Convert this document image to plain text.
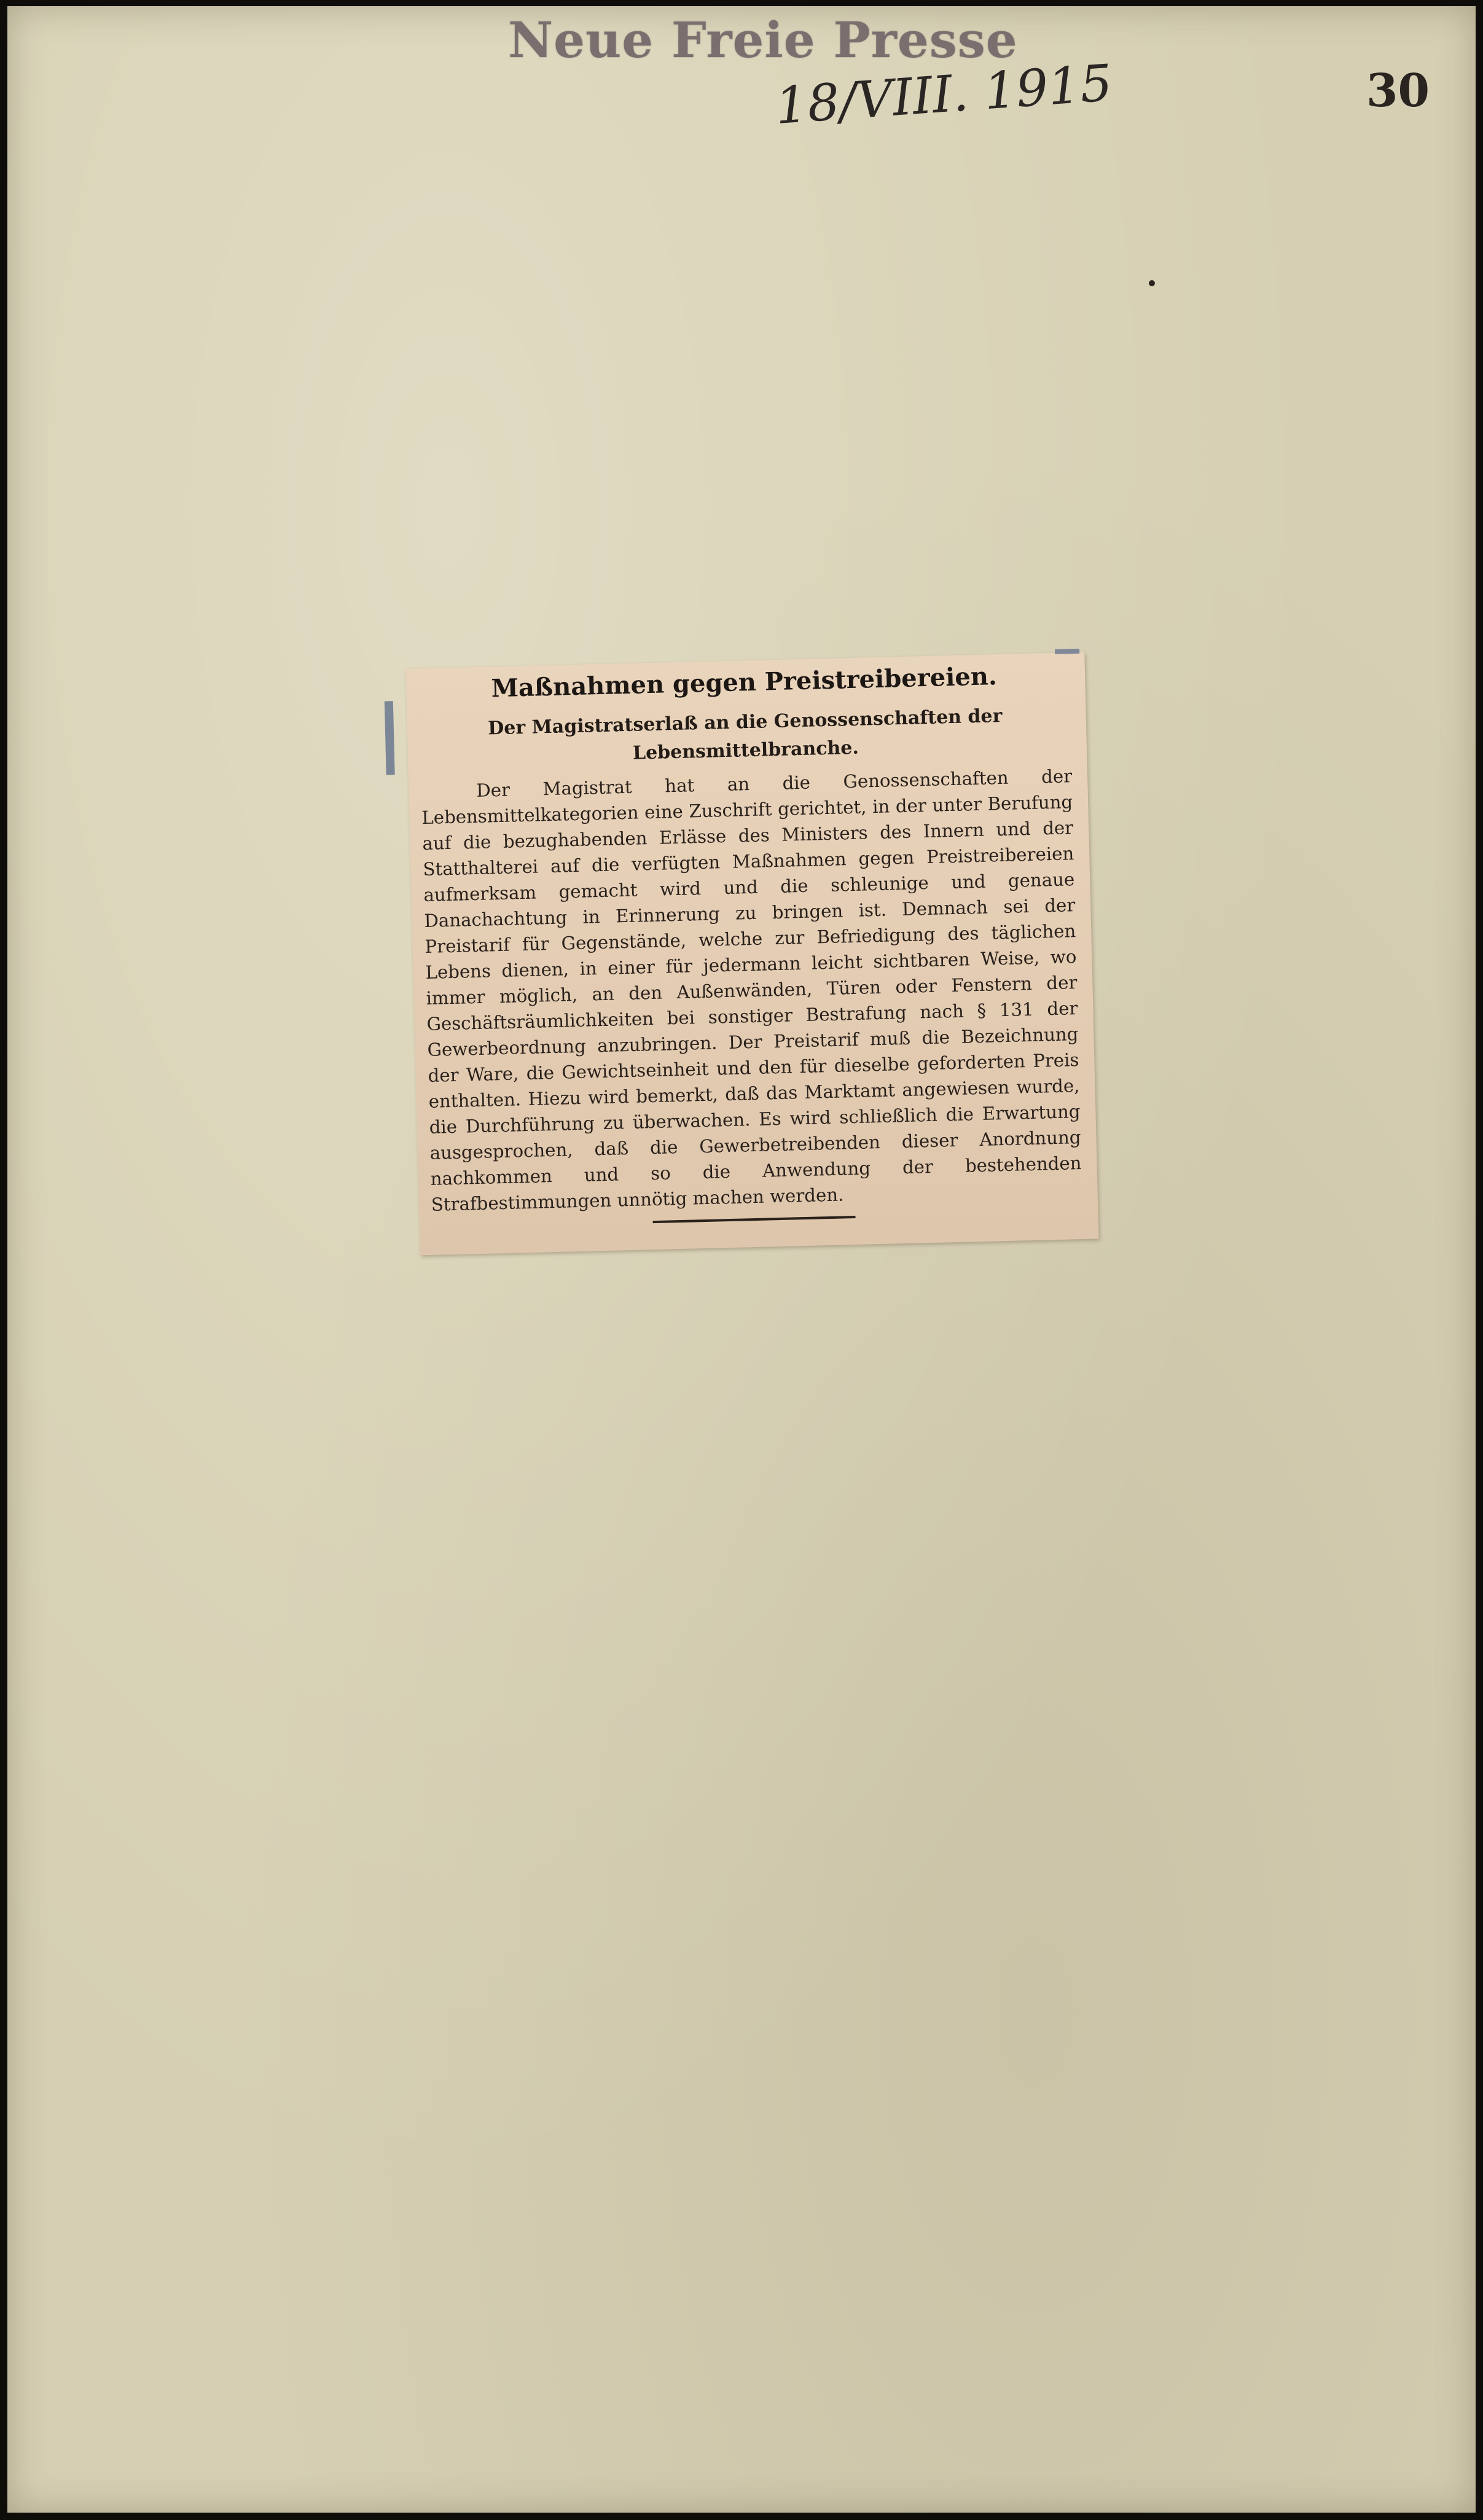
Neue Freie Presse
18/VIII. 1915	30
Maßnahmen gegen Preistreibereien.
Der Magistratserlaß an die Genossenschaften der Lebensmittelbranche.
Der Magistrat hat an die Genossenschaften der Lebensmittelkategorien eine Zuschrift gerichtet, in der unter Berufung auf die bezughabenden Erlässe des Ministers des Innern und der Statthalterei auf die verfügten Maßnahmen gegen Preistreibereien aufmerksam gemacht wird und die schleunige und genaue Danachachtung in Erinnerung zu bringen ist. Demnach sei der Preistarif für Gegenstände, welche zur Befriedigung des täglichen Lebens dienen, in einer für jedermann leicht sichtbaren Weise, wo immer möglich, an den Außenwänden, Türen oder Fenstern der Geschäftsräumlichkeiten bei sonstiger Bestrafung nach § 131 der Gewerbeordnung anzubringen. Der Preistarif muß die Bezeichnung der Ware, die Gewichtseinheit und den für dieselbe geforderten Preis enthalten. Hiezu wird bemerkt, daß das Marktamt angewiesen wurde, die Durchführung zu überwachen. Es wird schließlich die Erwartung ausgesprochen, daß die Gewerbetreibenden dieser Anordnung nachkommen und so die Anwendung der bestehenden Strafbestimmungen unnötig machen werden.
